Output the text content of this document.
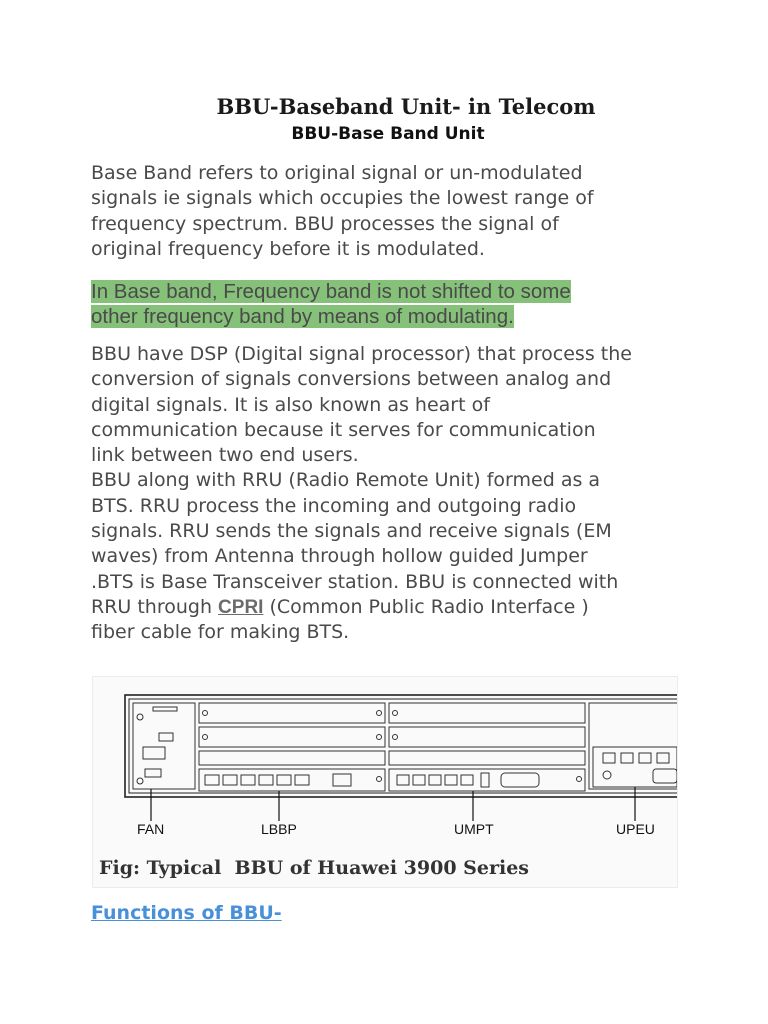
BBU-Baseband Unit- in Telecom
BBU-Base Band Unit

Base Band refers to original signal or un-modulated
signals ie signals which occupies the lowest range of
frequency spectrum. BBU processes the signal of
original frequency before it is modulated.

In Base band, Frequency band is not shifted to some
other frequency band by means of modulating.

BBU have DSP (Digital signal processor) that process the
conversion of signals conversions between analog and
digital signals. It is also known as heart of
communication because it serves for communication
link between two end users.
BBU along with RRU (Radio Remote Unit) formed as a
BTS. RRU process the incoming and outgoing radio
signals. RRU sends the signals and receive signals (EM
waves) from Antenna through hollow guided Jumper
.BTS is Base Transceiver station. BBU is connected with
RRU through CPRI (Common Public Radio Interface )
fiber cable for making BTS.

FAN	LBBP	UMPT	UPEU
Fig: Typical  BBU of Huawei 3900 Series
Functions of BBU-
